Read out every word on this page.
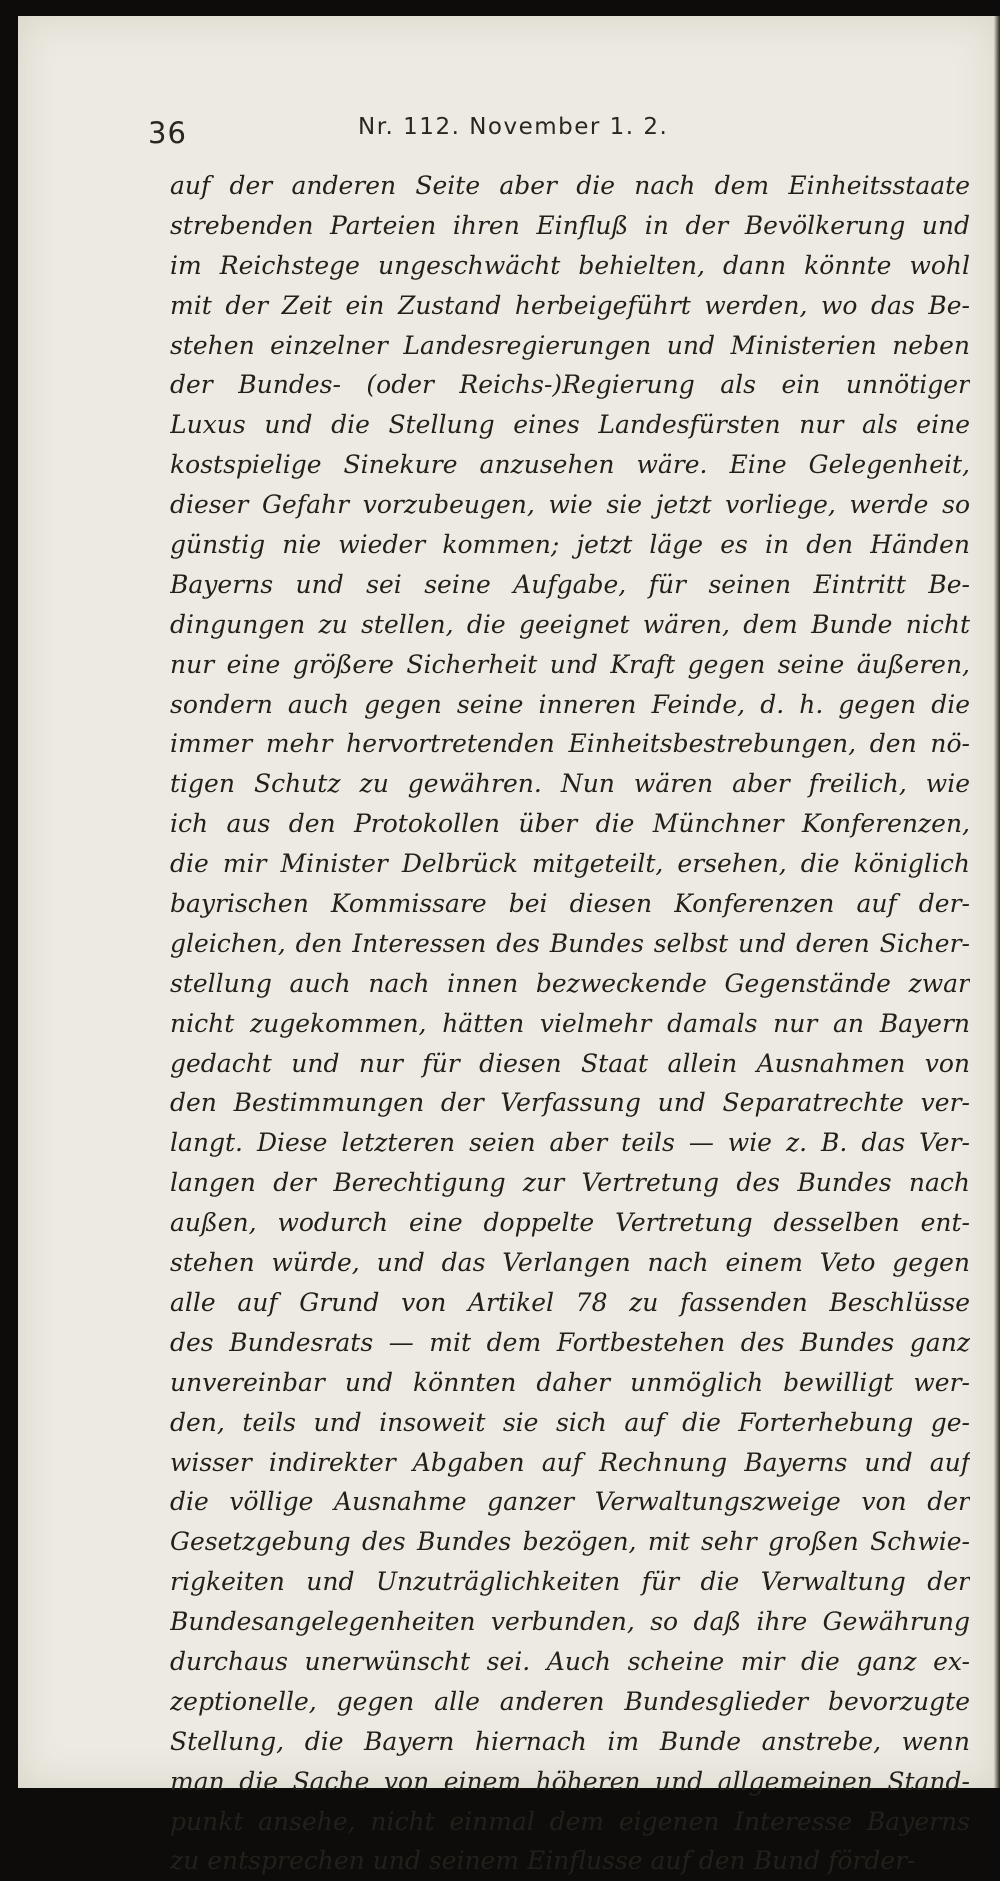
36	Nr. 112. November 1. 2.
auf der anderen Seite aber die nach dem Einheitsstaate
strebenden Parteien ihren Einfluß in der Bevölkerung und
im Reichstege ungeschwächt behielten, dann könnte wohl
mit der Zeit ein Zustand herbeigeführt werden, wo das Be-
stehen einzelner Landesregierungen und Ministerien neben
der Bundes- (oder Reichs-)Regierung als ein unnötiger
Luxus und die Stellung eines Landesfürsten nur als eine
kostspielige Sinekure anzusehen wäre. Eine Gelegenheit,
dieser Gefahr vorzubeugen, wie sie jetzt vorliege, werde so
günstig nie wieder kommen; jetzt läge es in den Händen
Bayerns und sei seine Aufgabe, für seinen Eintritt Be-
dingungen zu stellen, die geeignet wären, dem Bunde nicht
nur eine größere Sicherheit und Kraft gegen seine äußeren,
sondern auch gegen seine inneren Feinde, d. h. gegen die
immer mehr hervortretenden Einheitsbestrebungen, den nö-
tigen Schutz zu gewähren. Nun wären aber freilich, wie
ich aus den Protokollen über die Münchner Konferenzen,
die mir Minister Delbrück mitgeteilt, ersehen, die königlich
bayrischen Kommissare bei diesen Konferenzen auf der-
gleichen, den Interessen des Bundes selbst und deren Sicher-
stellung auch nach innen bezweckende Gegenstände zwar
nicht zugekommen, hätten vielmehr damals nur an Bayern
gedacht und nur für diesen Staat allein Ausnahmen von
den Bestimmungen der Verfassung und Separatrechte ver-
langt. Diese letzteren seien aber teils — wie z. B. das Ver-
langen der Berechtigung zur Vertretung des Bundes nach
außen, wodurch eine doppelte Vertretung desselben ent-
stehen würde, und das Verlangen nach einem Veto gegen
alle auf Grund von Artikel 78 zu fassenden Beschlüsse
des Bundesrats — mit dem Fortbestehen des Bundes ganz
unvereinbar und könnten daher unmöglich bewilligt wer-
den, teils und insoweit sie sich auf die Forterhebung ge-
wisser indirekter Abgaben auf Rechnung Bayerns und auf
die völlige Ausnahme ganzer Verwaltungszweige von der
Gesetzgebung des Bundes bezögen, mit sehr großen Schwie-
rigkeiten und Unzuträglichkeiten für die Verwaltung der
Bundesangelegenheiten verbunden, so daß ihre Gewährung
durchaus unerwünscht sei. Auch scheine mir die ganz ex-
zeptionelle, gegen alle anderen Bundesglieder bevorzugte
Stellung, die Bayern hiernach im Bunde anstrebe, wenn
man die Sache von einem höheren und allgemeinen Stand-
punkt ansehe, nicht einmal dem eigenen Interesse Bayerns
zu entsprechen und seinem Einflusse auf den Bund förder-
